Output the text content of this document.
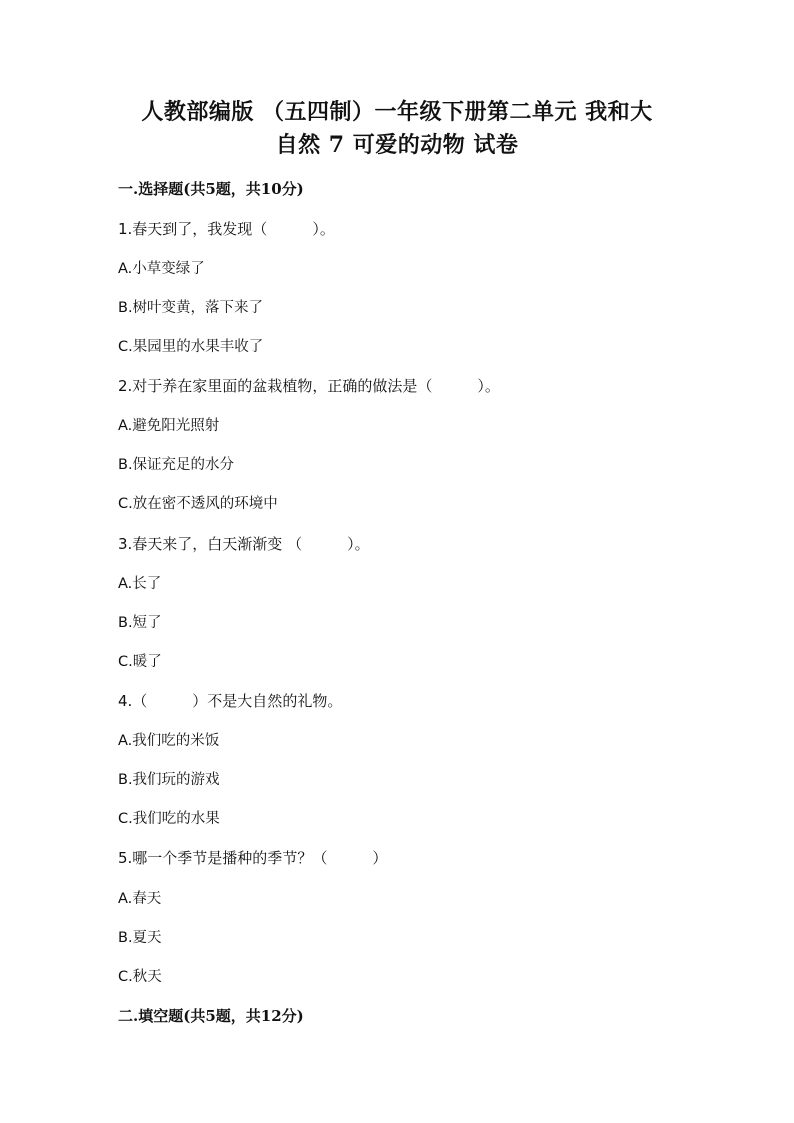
人教部编版 （五四制）一年级下册第二单元 我和大
自然 7 可爱的动物 试卷
一.选择题(共5题，共10分)
1.春天到了，我发现（　　　）。
A.小草变绿了
B.树叶变黄，落下来了
C.果园里的水果丰收了
2.对于养在家里面的盆栽植物，正确的做法是（　　　）。
A.避免阳光照射
B.保证充足的水分
C.放在密不透风的环境中
3.春天来了，白天渐渐变 （　　　）。
A.长了
B.短了
C.暖了
4.（　　　）不是大自然的礼物。
A.我们吃的米饭
B.我们玩的游戏
C.我们吃的水果
5.哪一个季节是播种的季节？（　　　）
A.春天
B.夏天
C.秋天
二.填空题(共5题，共12分)
